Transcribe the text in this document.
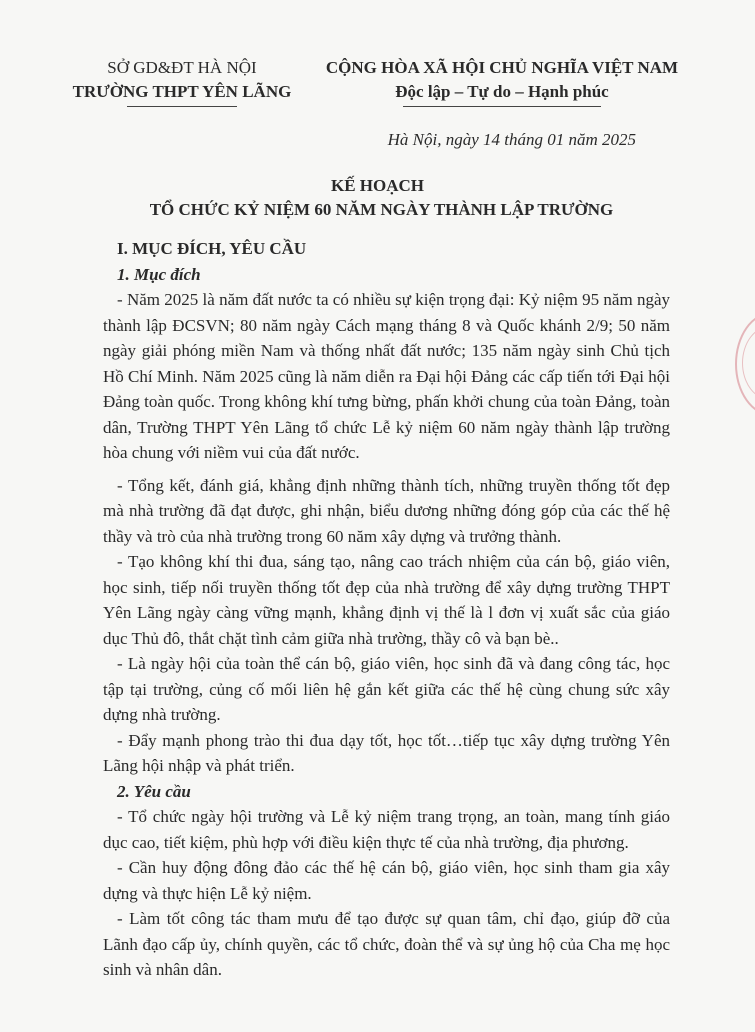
SỞ GD&ĐT HÀ NỘI
TRƯỜNG THPT YÊN LÃNG
CỘNG HÒA XÃ HỘI CHỦ NGHĨA VIỆT NAM
Độc lập – Tự do – Hạnh phúc
Hà Nội, ngày 14 tháng 01 năm 2025
KẾ HOẠCH
TỔ CHỨC KỶ NIỆM 60 NĂM NGÀY THÀNH LẬP TRƯỜNG

I. MỤC ĐÍCH, YÊU CẦU

1. Mục đích

- Năm 2025 là năm đất nước ta có nhiều sự kiện trọng đại: Kỷ niệm 95 năm ngày thành lập ĐCSVN; 80 năm ngày Cách mạng tháng 8 và Quốc khánh 2/9; 50 năm ngày giải phóng miền Nam và thống nhất đất nước; 135 năm ngày sinh Chủ tịch Hồ Chí Minh. Năm 2025 cũng là năm diễn ra Đại hội Đảng các cấp tiến tới Đại hội Đảng toàn quốc. Trong không khí tưng bừng, phấn khởi chung của toàn Đảng, toàn dân, Trường THPT Yên Lãng tổ chức Lễ kỷ niệm 60 năm ngày thành lập trường hòa chung với niềm vui của đất nước.

- Tổng kết, đánh giá, khẳng định những thành tích, những truyền thống tốt đẹp mà nhà trường đã đạt được, ghi nhận, biểu dương những đóng góp của các thế hệ thầy và trò của nhà trường trong 60 năm xây dựng và trưởng thành.

- Tạo không khí thi đua, sáng tạo, nâng cao trách nhiệm của cán bộ, giáo viên, học sinh, tiếp nối truyền thống tốt đẹp của nhà trường để xây dựng trường THPT Yên Lãng ngày càng vững mạnh, khẳng định vị thế là l đơn vị xuất sắc của giáo dục Thủ đô, thắt chặt tình cảm giữa nhà trường, thầy cô và bạn bè..

- Là ngày hội của toàn thể cán bộ, giáo viên, học sinh đã và đang công tác, học tập tại trường, củng cố mối liên hệ gắn kết giữa các thế hệ cùng chung sức xây dựng nhà trường.

- Đẩy mạnh phong trào thi đua dạy tốt, học tốt…tiếp tục xây dựng trường Yên Lãng hội nhập và phát triển.

2. Yêu cầu

- Tổ chức ngày hội trường và Lễ kỷ niệm trang trọng, an toàn, mang tính giáo dục cao, tiết kiệm, phù hợp với điều kiện thực tế của nhà trường, địa phương.

- Cần huy động đông đảo các thế hệ cán bộ, giáo viên, học sinh tham gia xây dựng và thực hiện Lễ kỷ niệm.

- Làm tốt công tác tham mưu để tạo được sự quan tâm, chỉ đạo, giúp đỡ của Lãnh đạo cấp ủy, chính quyền, các tổ chức, đoàn thể và sự ủng hộ của Cha mẹ học sinh và nhân dân.
